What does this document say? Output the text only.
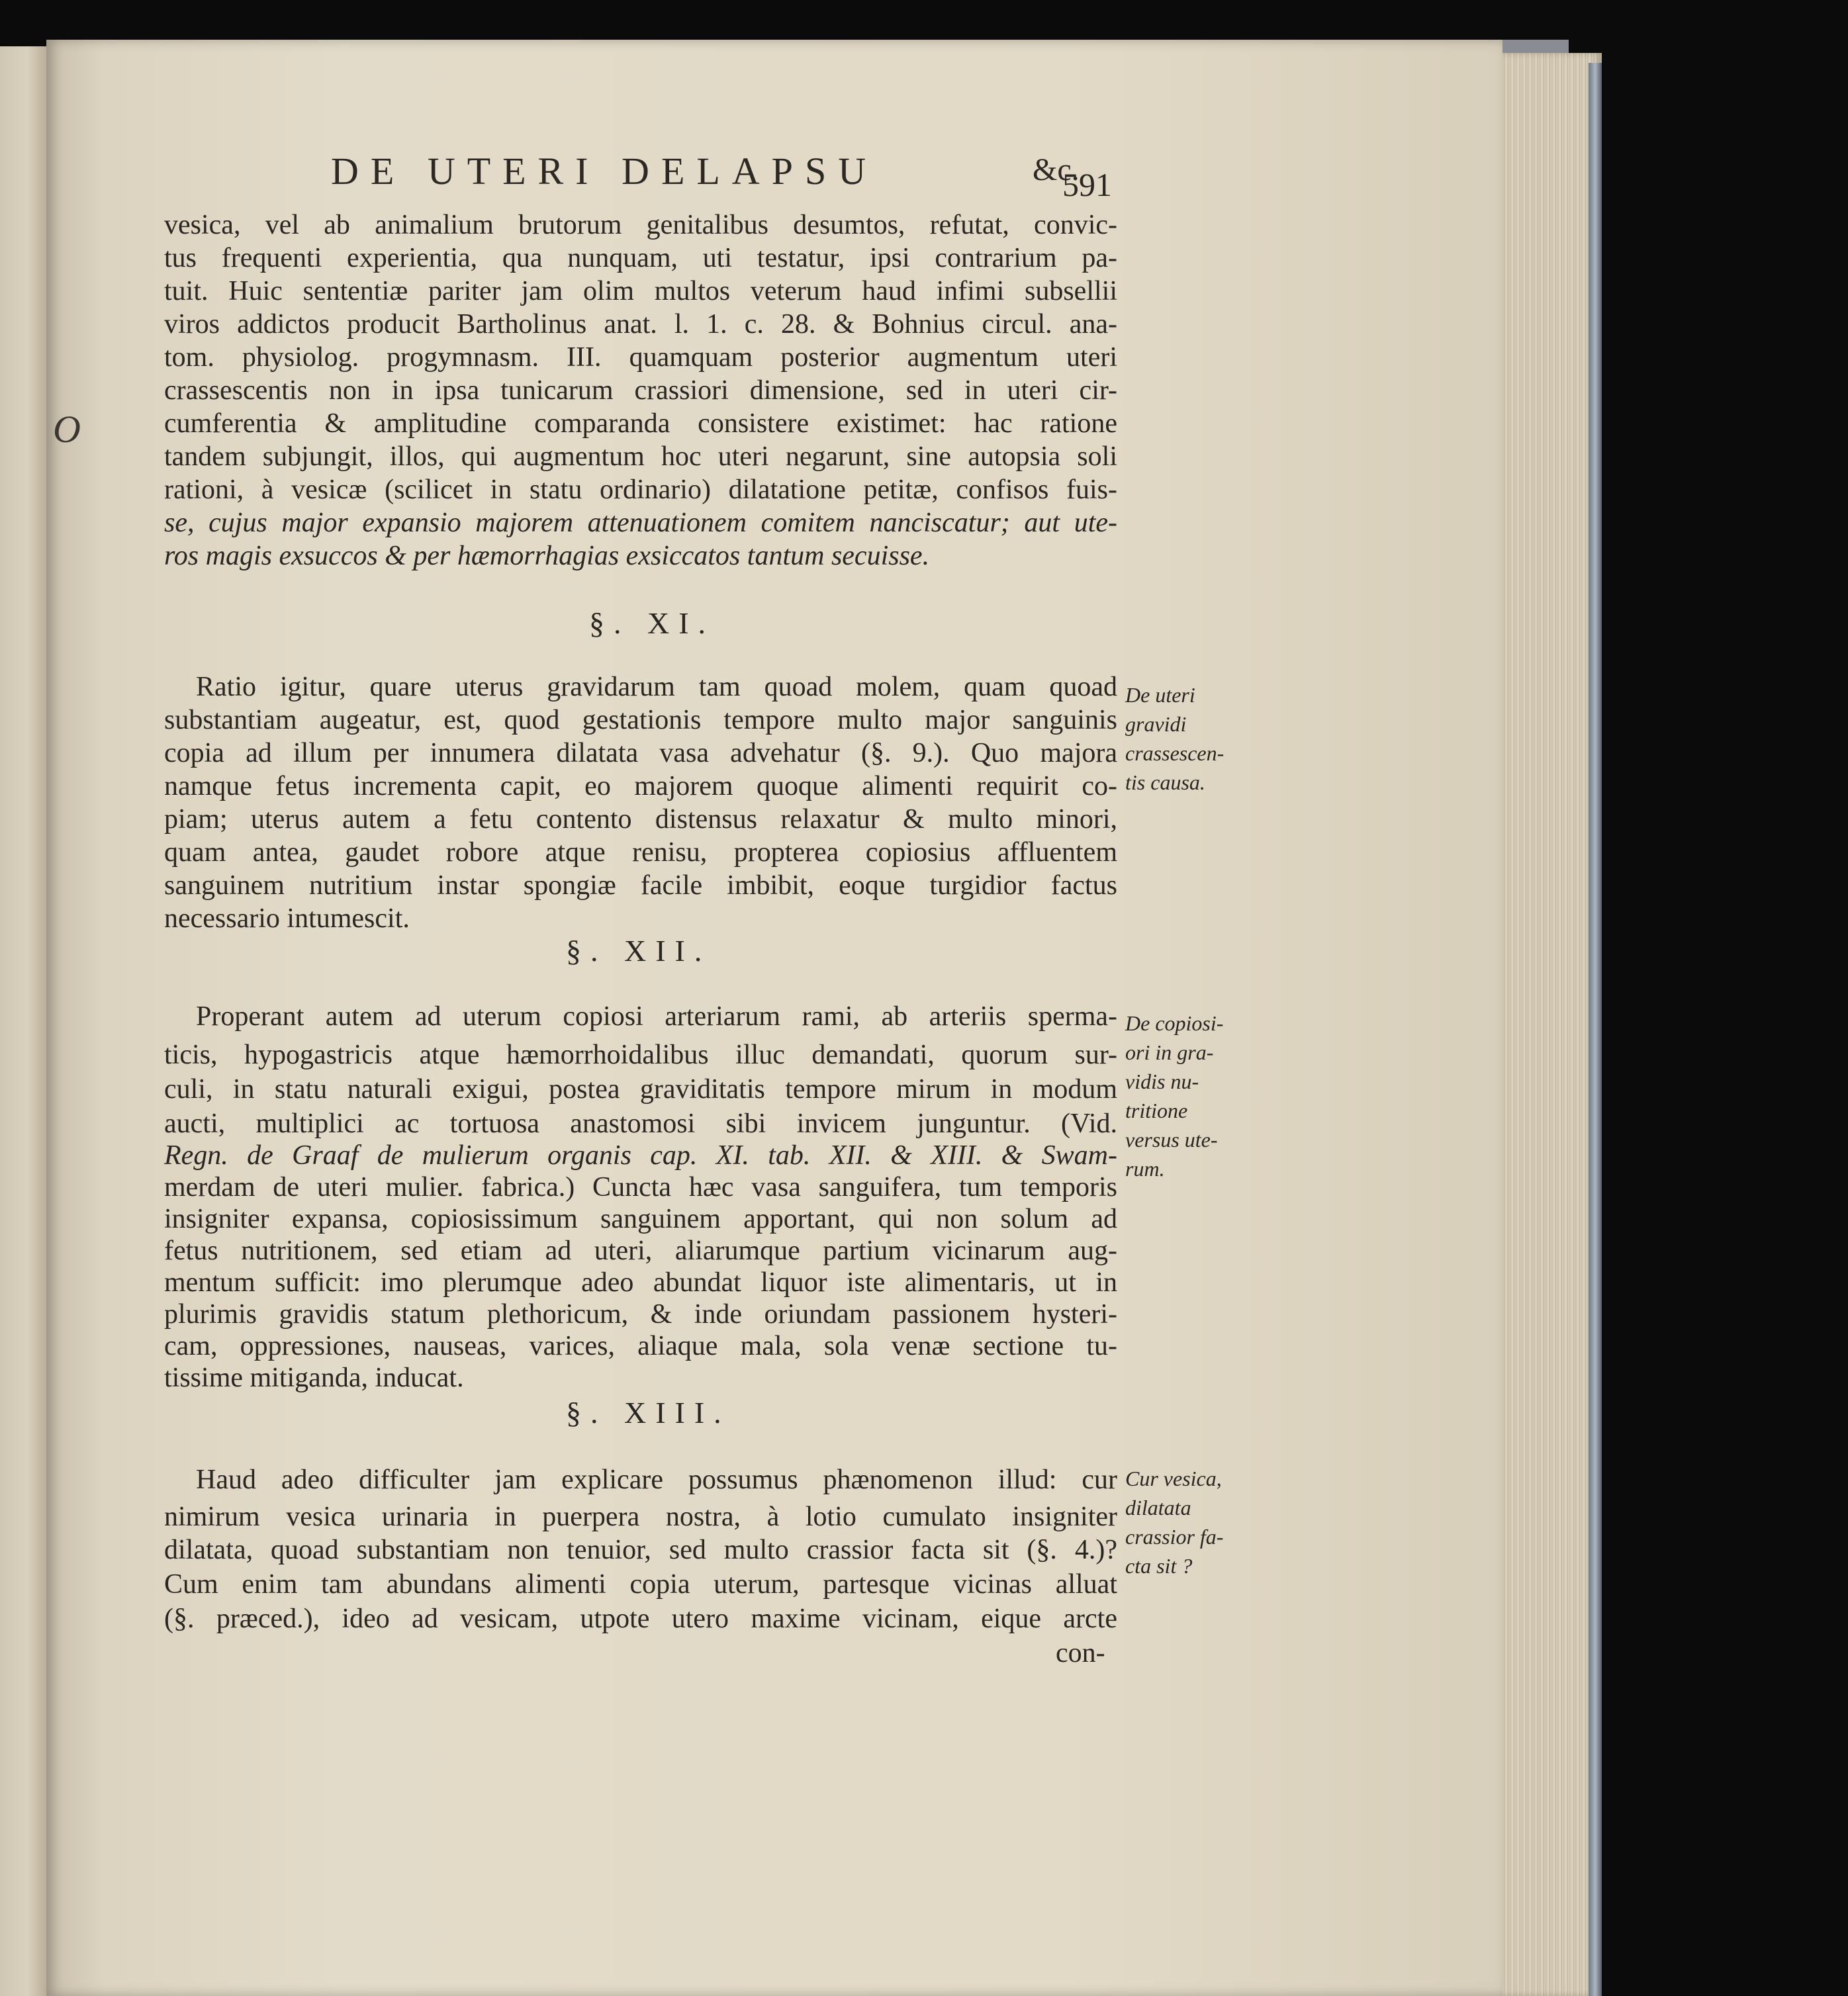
O
DE UTERI DELAPSU	&c.
591
vesica, vel ab animalium brutorum genitalibus desumtos, refutat, convic-
tus frequenti experientia, qua nunquam, uti testatur, ipsi contrarium pa-
tuit. Huic sententiæ pariter jam olim multos veterum haud infimi subsellii
viros addictos producit Bartholinus anat. l. 1. c. 28. & Bohnius circul. ana-
tom. physiolog. progymnasm. III. quamquam posterior augmentum uteri
crassescentis non in ipsa tunicarum crassiori dimensione, sed in uteri cir-
cumferentia & amplitudine comparanda consistere existimet: hac ratione
tandem subjungit, illos, qui augmentum hoc uteri negarunt, sine autopsia soli
rationi, à vesicæ (scilicet in statu ordinario) dilatatione petitæ, confisos fuis-
se, cujus major expansio majorem attenuationem comitem nanciscatur; aut ute-
ros magis exsuccos & per hæmorrhagias exsiccatos tantum secuisse.
§. XI.
Ratio igitur, quare uterus gravidarum tam quoad molem, quam quoad
substantiam augeatur, est, quod gestationis tempore multo major sanguinis
copia ad illum per innumera dilatata vasa advehatur (§. 9.). Quo majora
namque fetus incrementa capit, eo majorem quoque alimenti requirit co-
piam; uterus autem a fetu contento distensus relaxatur & multo minori,
quam antea, gaudet robore atque renisu, propterea copiosius affluentem
sanguinem nutritium instar spongiæ facile imbibit, eoque turgidior factus
necessario intumescit.
De uteri
gravidi
crassescen-
tis causa.
§. XII.
Properant autem ad uterum copiosi arteriarum rami, ab arteriis sperma-
ticis, hypogastricis atque hæmorrhoidalibus illuc demandati, quorum sur-
culi, in statu naturali exigui, postea graviditatis tempore mirum in modum
aucti, multiplici ac tortuosa anastomosi sibi invicem junguntur. (Vid.
Regn. de Graaf de mulierum organis cap. XI. tab. XII. & XIII. & Swam-
merdam de uteri mulier. fabrica.) Cuncta hæc vasa sanguifera, tum temporis
insigniter expansa, copiosissimum sanguinem apportant, qui non solum ad
fetus nutritionem, sed etiam ad uteri, aliarumque partium vicinarum aug-
mentum sufficit: imo plerumque adeo abundat liquor iste alimentaris, ut in
plurimis gravidis statum plethoricum, & inde oriundam passionem hysteri-
cam, oppressiones, nauseas, varices, aliaque mala, sola venæ sectione tu-
tissime mitiganda, inducat.
De copiosi-
ori in gra-
vidis nu-
tritione
versus ute-
rum.
§. XIII.
Haud adeo difficulter jam explicare possumus phænomenon illud: cur
nimirum vesica urinaria in puerpera nostra, à lotio cumulato insigniter
dilatata, quoad substantiam non tenuior, sed multo crassior facta sit (§. 4.)?
Cum enim tam abundans alimenti copia uterum, partesque vicinas alluat
(§. præced.), ideo ad vesicam, utpote utero maxime vicinam, eique arcte
con-
Cur vesica,
dilatata
crassior fa-
cta sit ?
